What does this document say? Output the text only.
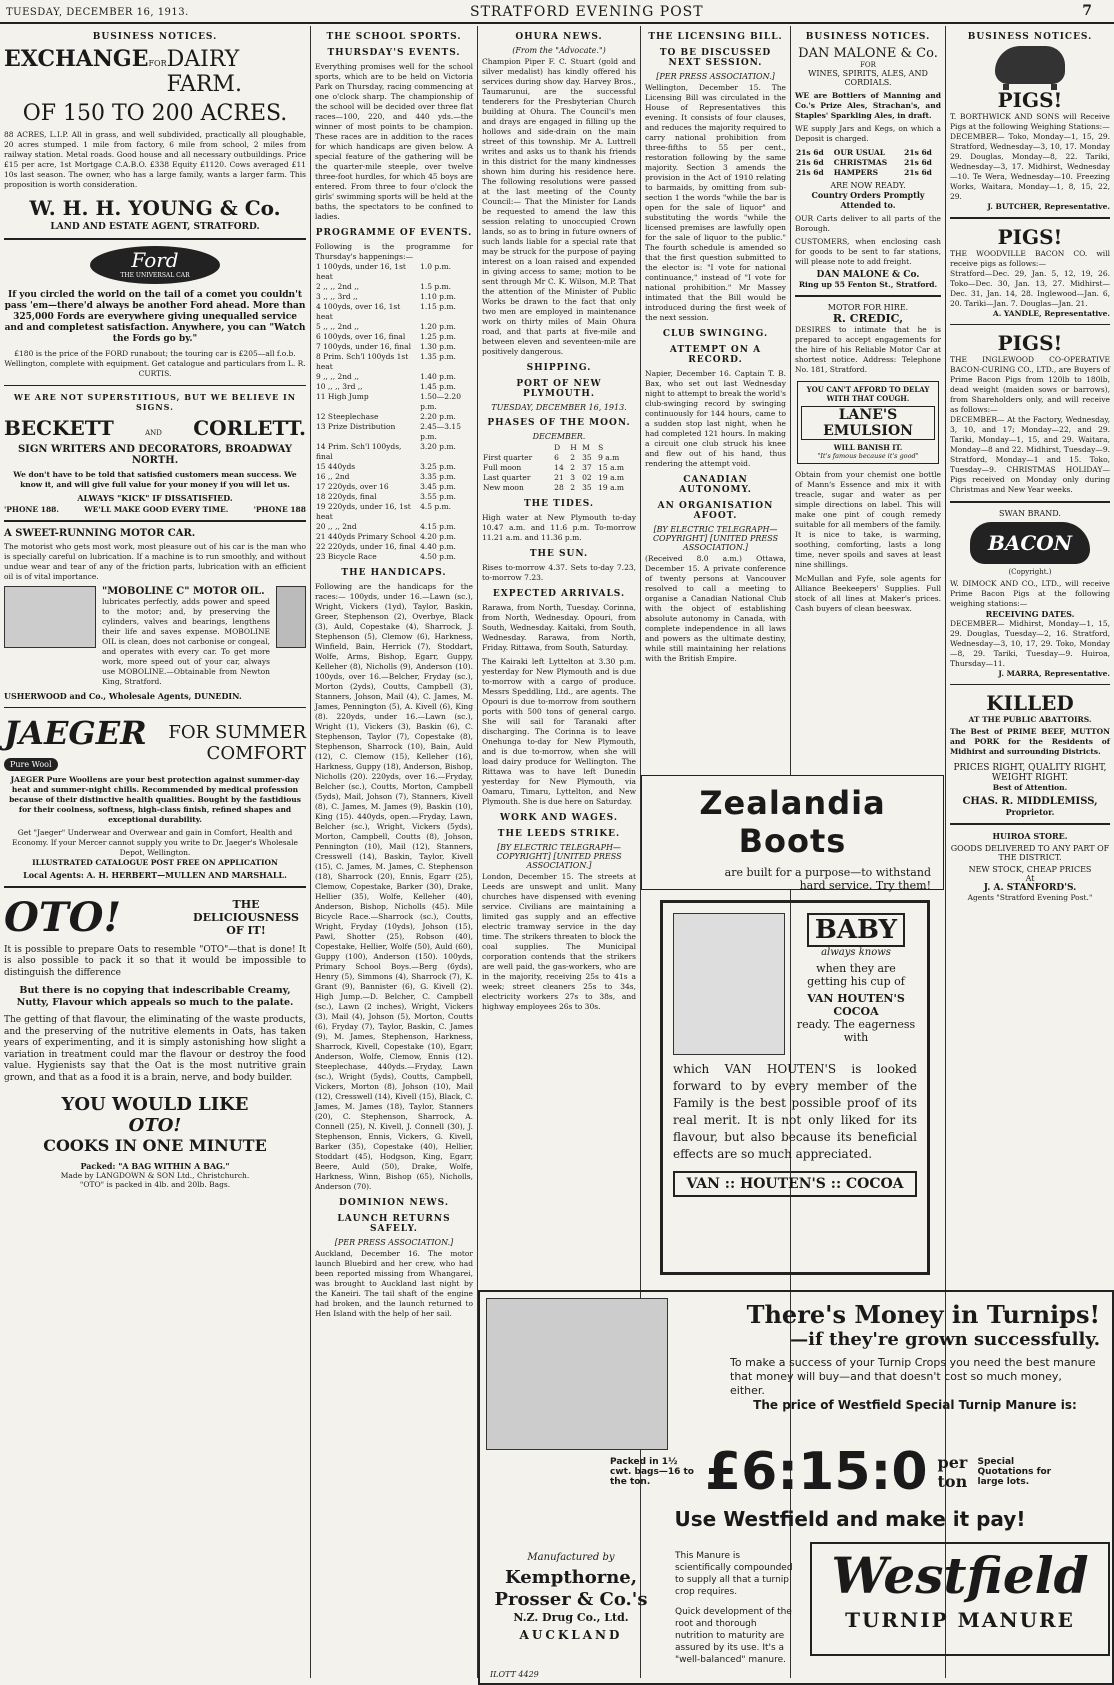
TUESDAY, DECEMBER 16, 1913.	STRATFORD EVENING POST	7
BUSINESS NOTICES.
EXCHANGE FOR DAIRY FARM.
OF 150 TO 200 ACRES.

88 ACRES, L.I.P. All in grass, and well subdivided, practically all ploughable, 20 acres stumped. 1 mile from factory, 6 mile from school, 2 miles from railway station. Metal roads. Good house and all necessary outbuildings. Price £15 per acre, 1st Mortgage C.A.B.O. £338 Equity £1120. Cows averaged £11 10s last season. The owner, who has a large family, wants a larger farm. This proposition is worth consideration.

W. H. H. YOUNG & Co.
LAND AND ESTATE AGENT, STRATFORD.
Ford
THE UNIVERSAL CAR

If you circled the world on the tail of a comet you couldn't pass 'em—there'd always be another Ford ahead. More than 325,000 Fords are everywhere giving unequalled service and and completest satisfaction. Anywhere, you can "Watch the Fords go by."

£180 is the price of the FORD runabout; the touring car is £205—all f.o.b. Wellington, complete with equipment. Get catalogue and particulars from L. R. CURTIS.

WE ARE NOT SUPERSTITIOUS, BUT WE BELIEVE IN SIGNS.
BECKETT	AND CORLETT.
SIGN WRITERS AND DECORATORS, BROADWAY NORTH.

We don't have to be told that satisfied customers mean success. We know it, and will give full value for your money if you will let us.

ALWAYS "KICK" IF DISSATISFIED.
'PHONE 188.	WE'LL MAKE GOOD EVERY TIME.	'PHONE 188
A SWEET-RUNNING MOTOR CAR.

The motorist who gets most work, most pleasure out of his car is the man who is specially careful on lubrication. If a machine is to run smoothly, and without undue wear and tear of any of the friction parts, lubrication with an efficient oil is of vital importance.

"MOBOLINE C" MOTOR OIL.

lubricates perfectly, adds power and speed to the motor; and, by preserving the cylinders, valves and bearings, lengthens their life and saves expense. MOBOLINE OIL is clean, does not carbonise or congeal, and operates with every car. To get more work, more speed out of your car, always use MOBOLINE.—Obtainable from Newton King, Stratford.

USHERWOOD and Co., Wholesale Agents, DUNEDIN.
JAEGER
Pure Wool
FOR SUMMER
COMFORT

JAEGER Pure Woollens are your best protection against summer-day heat and summer-night chills. Recommended by medical profession because of their distinctive health qualities. Bought by the fastidious for their coolness, softness, high-class finish, refined shapes and exceptional durability.

Get "Jaeger" Underwear and Overwear and gain in Comfort, Health and Economy. If your Mercer cannot supply you write to Dr. Jaeger's Wholesale Depot, Wellington.

ILLUSTRATED CATALOGUE POST FREE ON APPLICATION
Local Agents: A. H. HERBERT—MULLEN AND MARSHALL.
OTO!	THE DELICIOUSNESS OF IT!

It is possible to prepare Oats to resemble "OTO"—that is done! It is also possible to pack it so that it would be impossible to distinguish the difference

But there is no copying that indescribable Creamy, Nutty, Flavour which appeals so much to the palate.

The getting of that flavour, the eliminating of the waste products, and the preserving of the nutritive elements in Oats, has taken years of experimenting, and it is simply astonishing how slight a variation in treatment could mar the flavour or destroy the food value. Hygienists say that the Oat is the most nutritive grain grown, and that as a food it is a brain, nerve, and body builder.

YOU WOULD LIKE
OTO!
COOKS IN ONE MINUTE
Packed: "A BAG WITHIN A BAG."
Made by LANGDOWN & SON Ltd., Christchurch.
"OTO" is packed in 4lb. and 20lb. Bags.
THE SCHOOL SPORTS.
THURSDAY'S EVENTS.

Everything promises well for the school sports, which are to be held on Victoria Park on Thursday, racing commencing at one o'clock sharp. The championship of the school will be decided over three flat races—100, 220, and 440 yds.—the winner of most points to be champion. These races are in addition to the races for which handicaps are given below. A special feature of the gathering will be the quarter-mile steeple, over twelve three-foot hurdles, for which 45 boys are entered. From three to four o'clock the girls' swimming sports will be held at the baths, the spectators to be confined to ladies.

PROGRAMME OF EVENTS.

Following is the programme for Thursday's happenings:—

1 100yds, under 16, 1st heat	1.0 p.m.
2 ,, ,, 2nd ,,	1.5 p.m.
3 ,, ,, 3rd ,,	1.10 p.m.
4 100yds, over 16, 1st heat	1.15 p.m.
5 ,, ,, 2nd ,,	1.20 p.m.
6 100yds, over 16, final	1.25 p.m.
7 100yds, under 16, final	1.30 p.m.
8 Prim. Sch'l 100yds 1st heat	1.35 p.m.
9 ,, ,, 2nd ,,	1.40 p.m.
10 ,, ,, 3rd ,,	1.45 p.m.
11 High Jump	1.50—2.20 p.m.
12 Steeplechase	2.20 p.m.
13 Prize Distribution	2.45—3.15 p.m.
14 Prim. Sch'l 100yds, final	3.20 p.m.
15 440yds	3.25 p.m.
16 ,, 2nd	3.35 p.m.
17 220yds, over 16	3.45 p.m.
18 220yds, final	3.55 p.m.
19 220yds, under 16, 1st heat	4.5 p.m.
20 ,, ,, 2nd	4.15 p.m.
21 440yds Primary School	4.20 p.m.
22 220yds, under 16, final	4.40 p.m.
23 Bicycle Race	4.50 p.m.
THE HANDICAPS.

Following are the handicaps for the races:— 100yds, under 16.—Lawn (sc.), Wright, Vickers (1yd), Taylor, Baskin, Greer, Stephenson (2), Overbye, Black (3), Auld, Copestake (4), Sharrock, J. Stephenson (5), Clemow (6), Harkness, Winfield, Bain, Herrick (7), Stoddart, Wolfe, Arms, Bishop, Egarr, Guppy, Kelleher (8), Nicholls (9), Anderson (10). 100yds, over 16.—Belcher, Fryday (sc.), Morton (2yds), Coutts, Campbell (3), Stanners, Johson, Mail (4), C. James, M. James, Pennington (5), A. Kivell (6), King (8). 220yds, under 16.—Lawn (sc.), Wright (1), Vickers (3), Baskin (6), C. Stephenson, Taylor (7), Copestake (8), Stephenson, Sharrock (10), Bain, Auld (12), C. Clemow (15), Kelleher (16), Harkness, Guppy (18), Anderson, Bishop, Nicholls (20). 220yds, over 16.—Fryday, Belcher (sc.), Coutts, Morton, Campbell (5yds), Mail, Johson (7), Stanners, Kivell (8), C. James, M. James (9), Baskin (10), King (15). 440yds, open.—Fryday, Lawn, Belcher (sc.), Wright, Vickers (5yds), Morton, Campbell, Coutts (8), Johson, Pennington (10), Mail (12), Stanners, Cresswell (14), Baskin, Taylor, Kivell (15), C. James, M. James, C. Stephenson (18), Sharrock (20), Ennis, Egarr (25), Clemow, Copestake, Barker (30), Drake, Hellier (35), Wolfe, Kelleher (40), Anderson, Bishop, Nicholls (45). Mile Bicycle Race.—Sharrock (sc.), Coutts, Wright, Fryday (10yds), Johson (15), Pawl, Shotter (25), Robson (40), Copestake, Hellier, Wolfe (50), Auld (60), Guppy (100), Anderson (150). 100yds, Primary School Boys.—Berg (6yds), Henry (5), Simmons (4), Sharrock (7), K. Grant (9), Bannister (6), G. Kivell (2). High Jump.—D. Belcher, C. Campbell (sc.), Lawn (2 inches), Wright, Vickers (3), Mail (4), Johson (5), Morton, Coutts (6), Fryday (7), Taylor, Baskin, C. James (9), M. James, Stephenson, Harkness, Sharrock, Kivell, Copestake (10), Egarr, Anderson, Wolfe, Clemow, Ennis (12). Steeplechase, 440yds.—Fryday, Lawn (sc.), Wright (5yds), Coutts, Campbell, Vickers, Morton (8), Johson (10), Mail (12), Cresswell (14), Kivell (15), Black, C. James, M. James (18), Taylor, Stanners (20), C. Stephenson, Sharrock, A. Connell (25), N. Kivell, J. Connell (30), J. Stephenson, Ennis, Vickers, G. Kivell, Barker (35), Copestake (40), Hellier, Stoddart (45), Hodgson, King, Egarr, Beere, Auld (50), Drake, Wolfe, Harkness, Winn, Bishop (65), Nicholls, Anderson (70).

DOMINION NEWS.
LAUNCH RETURNS SAFELY.
[PER PRESS ASSOCIATION.]

Auckland, December 16. The motor launch Bluebird and her crew, who had been reported missing from Whangarei, was brought to Auckland last night by the Kaneiri. The tail shaft of the engine had broken, and the launch returned to Hen Island with the help of her sail.

OHURA NEWS.
(From the "Advocate.")

Champion Piper F. C. Stuart (gold and silver medalist) has kindly offered his services during show day. Harvey Bros., Taumarunui, are the successful tenderers for the Presbyterian Church building at Ohura. The Council's men and drays are engaged in filling up the hollows and side-drain on the main street of this township. Mr A. Luttrell writes and asks us to thank his friends in this district for the many kindnesses shown him during his residence here. The following resolutions were passed at the last meeting of the County Council:— That the Minister for Lands be requested to amend the law this session relating to unoccupied Crown lands, so as to bring in future owners of such lands liable for a special rate that may be struck for the purpose of paying interest on a loan raised and expended in giving access to same; motion to be sent through Mr C. K. Wilson, M.P. That the attention of the Minister of Public Works be drawn to the fact that only two men are employed in maintenance work on thirty miles of Main Ohura road, and that parts at five-mile and between eleven and seventeen-mile are positively dangerous.

SHIPPING.
PORT OF NEW PLYMOUTH.
TUESDAY, DECEMBER 16, 1913.
PHASES OF THE MOON.
DECEMBER.
	D	H	M	S
First quarter	6	2	35	9 a.m
Full moon	14	2	37	15 a.m
Last quarter	21	3	02	19 a.m
New moon	28	2	35	19 a.m
THE TIDES.

High water at New Plymouth to-day 10.47 a.m. and 11.6 p.m. To-morrow 11.21 a.m. and 11.36 p.m.

THE SUN.

Rises to-morrow 4.37. Sets to-day 7.23, to-morrow 7.23.

EXPECTED ARRIVALS.

Rarawa, from North, Tuesday. Corinna, from North, Wednesday. Opouri, from South, Wednesday. Kaitaki, from South, Wednesday. Rarawa, from North, Friday. Rittawa, from South, Saturday.

The Kairaki left Lyttelton at 3.30 p.m. yesterday for New Plymouth and is due to-morrow with a cargo of produce. Messrs Speddling, Ltd., are agents. The Opouri is due to-morrow from southern ports with 500 tons of general cargo. She will sail for Taranaki after discharging. The Corinna is to leave Onehunga to-day for New Plymouth, and is due to-morrow, when she will load dairy produce for Wellington. The Rittawa was to have left Dunedin yesterday for New Plymouth, via Oamaru, Timaru, Lyttelton, and New Plymouth. She is due here on Saturday.

WORK AND WAGES.
THE LEEDS STRIKE.
[BY ELECTRIC TELEGRAPH—COPYRIGHT] [UNITED PRESS ASSOCIATION.]

London, December 15. The streets at Leeds are unswept and unlit. Many churches have dispensed with evening service. Civilians are maintaining a limited gas supply and an effective electric tramway service in the day time. The strikers threaten to block the coal supplies. The Municipal corporation contends that the strikers are well paid, the gas-workers, who are in the majority, receiving 25s to 41s a week; street cleaners 25s to 34s, electricity workers 27s to 38s, and highway employees 26s to 30s.

THE LICENSING BILL.
TO BE DISCUSSED NEXT SESSION.
[PER PRESS ASSOCIATION.]

Wellington, December 15. The Licensing Bill was circulated in the House of Representatives this evening. It consists of four clauses, and reduces the majority required to carry national prohibition from three-fifths to 55 per cent., restoration following by the same majority. Section 3 amends the provision in the Act of 1910 relating to barmaids, by omitting from sub-section 1 the words "while the bar is open for the sale of liquor" and substituting the words "while the licensed premises are lawfully open for the sale of liquor to the public." The fourth schedule is amended so that the first question submitted to the elector is: "I vote for national continuance," instead of "I vote for national prohibition." Mr Massey intimated that the Bill would be introduced during the first week of the next session.

CLUB SWINGING.
ATTEMPT ON A RECORD.

Napier, December 16. Captain T. B. Bax, who set out last Wednesday night to attempt to break the world's club-swinging record by swinging continuously for 144 hours, came to a sudden stop last night, when he had completed 121 hours. In making a circuit one club struck his knee and flew out of his hand, thus rendering the attempt void.

CANADIAN AUTONOMY.
AN ORGANISATION AFOOT.
[BY ELECTRIC TELEGRAPH—COPYRIGHT] [UNITED PRESS ASSOCIATION.]

(Received 8.0 a.m.) Ottawa, December 15. A private conference of twenty persons at Vancouver resolved to call a meeting to organise a Canadian National Club with the object of establishing absolute autonomy in Canada, with complete independence in all laws and powers as the ultimate destiny, while still maintaining her relations with the British Empire.

BUSINESS NOTICES.
DAN MALONE & Co.
FOR
WINES, SPIRITS, ALES, AND CORDIALS.

WE are Bottlers of Manning and Co.'s Prize Ales, Strachan's, and Staples' Sparkling Ales, in draft.

WE supply Jars and Kegs, on which a Deposit is charged.

21s 6d	OUR USUAL	21s 6d
21s 6d	CHRISTMAS	21s 6d
21s 6d	HAMPERS	21s 6d
ARE NOW READY.
Country Orders Promptly Attended to.

OUR Carts deliver to all parts of the Borough.

CUSTOMERS, when enclosing cash for goods to be sent to far stations, will please note to add freight.

DAN MALONE & Co.
Ring up 55 Fenton St., Stratford.
MOTOR FOR HIRE.
R. CREDIC,

DESIRES to intimate that he is prepared to accept engagements for the hire of his Reliable Motor Car at shortest notice. Address: Telephone No. 181, Stratford.

YOU CAN'T AFFORD TO DELAY WITH THAT COUGH.
LANE'S EMULSION
WILL BANISH IT.
"It's famous because it's good"

Obtain from your chemist one bottle of Mann's Essence and mix it with treacle, sugar and water as per simple directions on label. This will make one pint of cough remedy suitable for all members of the family. It is nice to take, is warming, soothing, comforting, lasts a long time, never spoils and saves at least nine shillings.

McMullan and Fyfe, sole agents for Alliance Beekeepers' Supplies. Full stock of all lines at Maker's prices. Cash buyers of clean beeswax.

BUSINESS NOTICES.
PIGS!

T. BORTHWICK AND SONS will Receive Pigs at the following Weighing Stations:—

DECEMBER— Toko, Monday—1, 15, 29. Stratford, Wednesday—3, 10, 17. Monday 29. Douglas, Monday—8, 22. Tariki, Wednesday—3, 17. Midhirst, Wednesday—10. Te Wera, Wednesday—10. Freezing Works, Waitara, Monday—1, 8, 15, 22, 29.

J. BUTCHER, Representative.
PIGS!

THE WOODVILLE BACON CO. will receive pigs as follows:—

Stratford—Dec. 29, Jan. 5, 12, 19, 26. Toko—Dec. 30, Jan. 13, 27. Midhirst—Dec. 31, Jan. 14, 28. Inglewood—Jan. 6, 20. Tariki—Jan. 7. Douglas—Jan. 21.

A. YANDLE, Representative.
PIGS!

THE INGLEWOOD CO-OPERATIVE BACON-CURING CO., LTD., are Buyers of Prime Bacon Pigs from 120lb to 180lb, dead weight (maiden sows or barrows), from Shareholders only, and will receive as follows:—

DECEMBER— At the Factory, Wednesday, 3, 10, and 17; Monday—22, and 29. Tariki, Monday—1, 15, and 29. Waitara, Monday—8 and 22. Midhirst, Tuesday—9. Stratford, Monday—1 and 15. Toko, Tuesday—9. CHRISTMAS HOLIDAY—Pigs received on Monday only during Christmas and New Year weeks.

SWAN BRAND.
BACON
(Copyright.)

W. DIMOCK AND CO., LTD., will receive Prime Bacon Pigs at the following weighing stations:—

RECEIVING DATES.

DECEMBER— Midhirst, Monday—1, 15, 29. Douglas, Tuesday—2, 16. Stratford, Wednesday—3, 10, 17, 29. Toko, Monday—8, 29. Tariki, Tuesday—9. Huiroa, Thursday—11.

J. MARRA, Representative.
KILLED
AT THE PUBLIC ABATTOIRS.

The Best of PRIME BEEF, MUTTON and PORK for the Residents of Midhirst and surrounding Districts.

PRICES RIGHT, QUALITY RIGHT, WEIGHT RIGHT.
Best of Attention.
CHAS. R. MIDDLEMISS,
Proprietor.
HUIROA STORE.
GOODS DELIVERED TO ANY PART OF THE DISTRICT.
NEW STOCK, CHEAP PRICES
At
J. A. STANFORD'S.
Agents "Stratford Evening Post."
Zealandia Boots
are built for a purpose—to withstand hard service. Try them!
BABY
always knows
when they are getting his cup of
VAN HOUTEN'S COCOA
ready. The eagerness with

which VAN HOUTEN'S is looked forward to by every member of the Family is the best possible proof of its real merit. It is not only liked for its flavour, but also because its beneficial effects are so much appreciated.

VAN :: HOUTEN'S :: COCOA
There's Money in Turnips!
—if they're grown successfully.

To make a success of your Turnip Crops you need the best manure that money will buy—and that doesn't cost so much money, either.

The price of Westfield Special Turnip Manure is:
Packed in 1½ cwt. bags—16 to the ton.	£6:15:0 per ton
Special Quotations for large lots.
Use Westfield and make it pay!
Manufactured by
Kempthorne, Prosser & Co.'s
N.Z. Drug Co., Ltd.
AUCKLAND
This Manure is scientifically compounded to supply all that a turnip crop requires.
Quick development of the root and thorough nutrition to maturity are assured by its use. It's a "well-balanced" manure.
Westfield
TURNIP MANURE
ILOTT 4429
